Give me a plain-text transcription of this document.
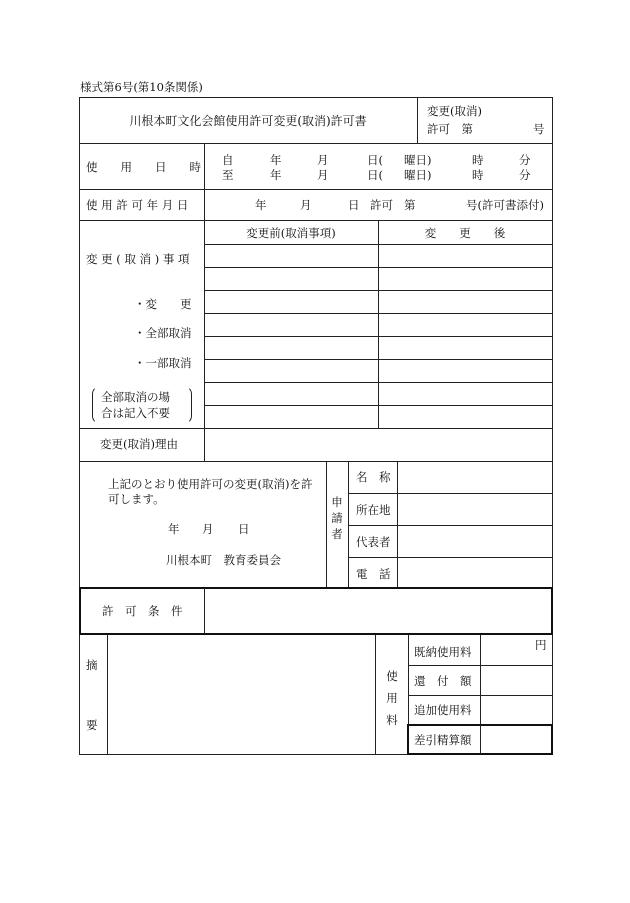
様式第6号(第10条関係)
川根本町文化会館使用許可変更(取消)許可書
変更(取消)
許可　第	号
使　　用　　日　　時 自	年	月	日( 曜日)	時	分
至	年	月	日( 曜日)	時	分
使 用 許 可 年 月 日	年	月	日 許可 第	号(許可書添付)
変更前(取消事項)	変　　更　　後
変 更 ( 取 消 ) 事 項
・変　　更
・全部取消
・一部取消
全部取消の場
合は記入不要
変更(取消)理由
上記のとおり使用許可の変更(取消)を許
可します。
年 月 日
川根本町　教育委員会
申請者
名　称
所在地
代表者
電　話
許　可　条　件
摘
要
使用料
既納使用料	円
還　付　額
追加使用料
差引精算額
